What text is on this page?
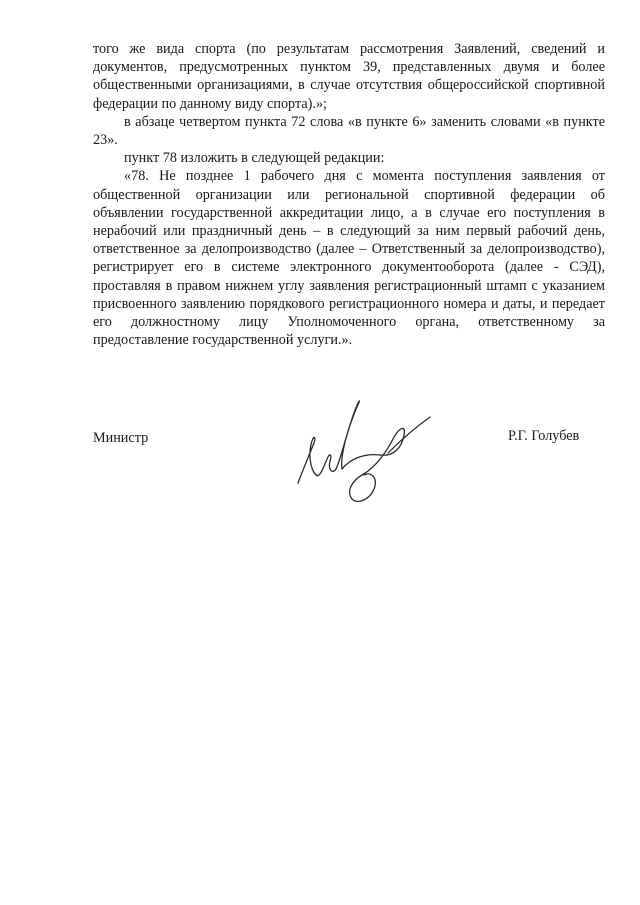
того же вида спорта (по результатам рассмотрения Заявлений, сведений и документов, предусмотренных пунктом 39, представленных двумя и более общественными организациями, в случае отсутствия общероссийской спортивной федерации по данному виду спорта).»;

в абзаце четвертом пункта 72 слова «в пункте 6» заменить словами «в пункте 23».

пункт 78 изложить в следующей редакции:

«78. Не позднее 1 рабочего дня с момента поступления заявления от общественной организации или региональной спортивной федерации об объявлении государственной аккредитации лицо, а в случае его поступления в нерабочий или праздничный день – в следующий за ним первый рабочий день, ответственное за делопроизводство (далее – Ответственный за делопроизводство), регистрирует его в системе электронного документооборота (далее - СЭД), проставляя в правом нижнем углу заявления регистрационный штамп с указанием присвоенного заявлению порядкового регистрационного номера и даты, и передает его должностному лицу Уполномоченного органа, ответственному за предоставление государственной услуги.».

Министр	Р.Г. Голубев
